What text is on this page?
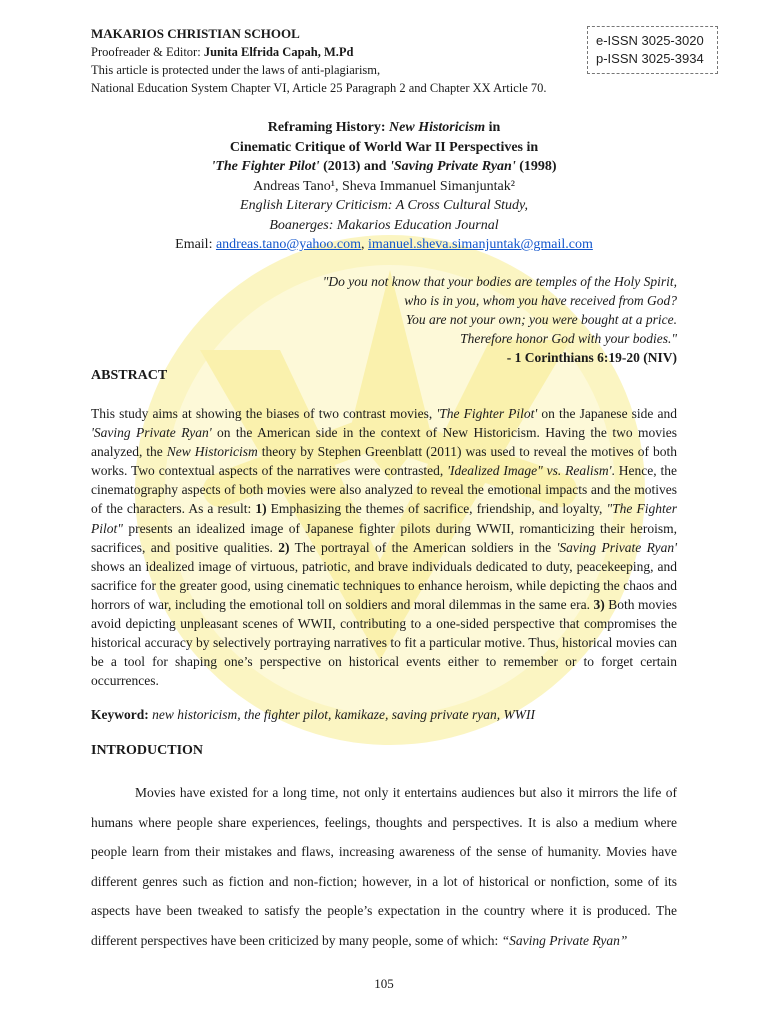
MAKARIOS CHRISTIAN SCHOOL
Proofreader & Editor: Junita Elfrida Capah, M.Pd
This article is protected under the laws of anti-plagiarism,
National Education System Chapter VI, Article 25 Paragraph 2 and Chapter XX Article 70.
e-ISSN 3025-3020
p-ISSN 3025-3934
Reframing History: New Historicism in
Cinematic Critique of World War II Perspectives in
'The Fighter Pilot' (2013) and 'Saving Private Ryan' (1998)
Andreas Tano¹, Sheva Immanuel Simanjuntak²
English Literary Criticism: A Cross Cultural Study,
Boanerges: Makarios Education Journal
Email: andreas.tano@yahoo.com, imanuel.sheva.simanjuntak@gmail.com
"Do you not know that your bodies are temples of the Holy Spirit,
who is in you, whom you have received from God?
You are not your own; you were bought at a price.
Therefore honor God with your bodies."
- 1 Corinthians 6:19-20 (NIV)
ABSTRACT
This study aims at showing the biases of two contrast movies, 'The Fighter Pilot' on the Japanese side and 'Saving Private Ryan' on the American side in the context of New Historicism. Having the two movies analyzed, the New Historicism theory by Stephen Greenblatt (2011) was used to reveal the motives of both works. Two contextual aspects of the narratives were contrasted, 'Idealized Image" vs. Realism'. Hence, the cinematography aspects of both movies were also analyzed to reveal the emotional impacts and the motives of the characters. As a result: 1) Emphasizing the themes of sacrifice, friendship, and loyalty, "The Fighter Pilot" presents an idealized image of Japanese fighter pilots during WWII, romanticizing their heroism, sacrifices, and positive qualities. 2) The portrayal of the American soldiers in the 'Saving Private Ryan' shows an idealized image of virtuous, patriotic, and brave individuals dedicated to duty, peacekeeping, and sacrifice for the greater good, using cinematic techniques to enhance heroism, while depicting the chaos and horrors of war, including the emotional toll on soldiers and moral dilemmas in the same era. 3) Both movies avoid depicting unpleasant scenes of WWII, contributing to a one-sided perspective that compromises the historical accuracy by selectively portraying narratives to fit a particular motive. Thus, historical movies can be a tool for shaping one’s perspective on historical events either to remember or to forget certain occurrences.
Keyword: new historicism, the fighter pilot, kamikaze, saving private ryan, WWII
INTRODUCTION
Movies have existed for a long time, not only it entertains audiences but also it mirrors the life of humans where people share experiences, feelings, thoughts and perspectives. It is also a medium where people learn from their mistakes and flaws, increasing awareness of the sense of humanity. Movies have different genres such as fiction and non-fiction; however, in a lot of historical or nonfiction, some of its aspects have been tweaked to satisfy the people’s expectation in the country where it is produced. The different perspectives have been criticized by many people, some of which: “Saving Private Ryan”
105
